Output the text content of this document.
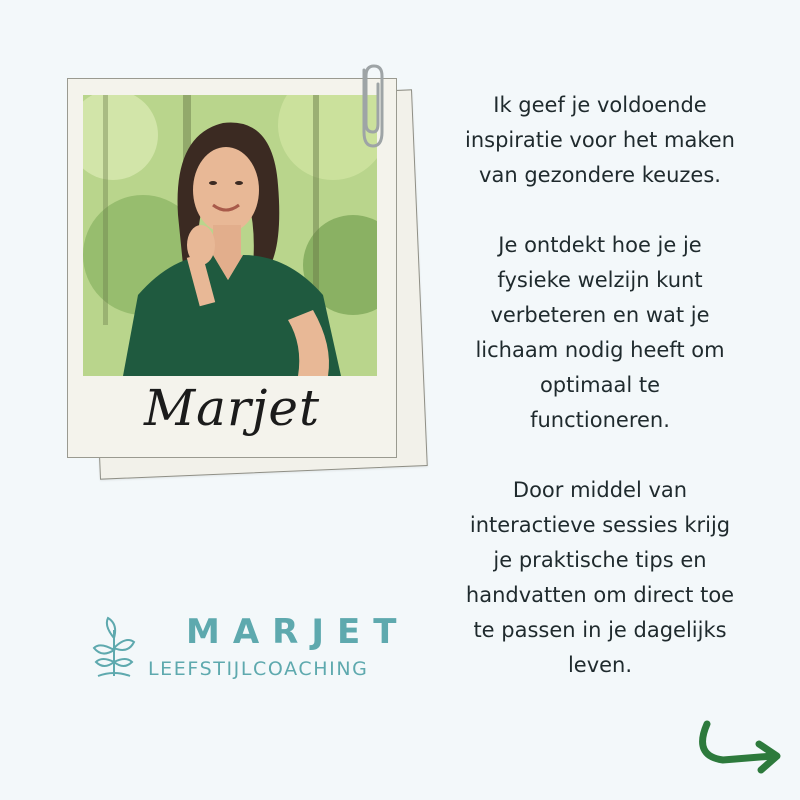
Marjet

Ik geef je voldoende
inspiratie voor het maken
van gezondere keuzes.

Je ontdekt hoe je je
fysieke welzijn kunt
verbeteren en wat je
lichaam nodig heeft om
optimaal te
functioneren.

Door middel van
interactieve sessies krijg
je praktische tips en
handvatten om direct toe
te passen in je dagelijks
leven.

MARJET
LEEFSTIJLCOACHING
